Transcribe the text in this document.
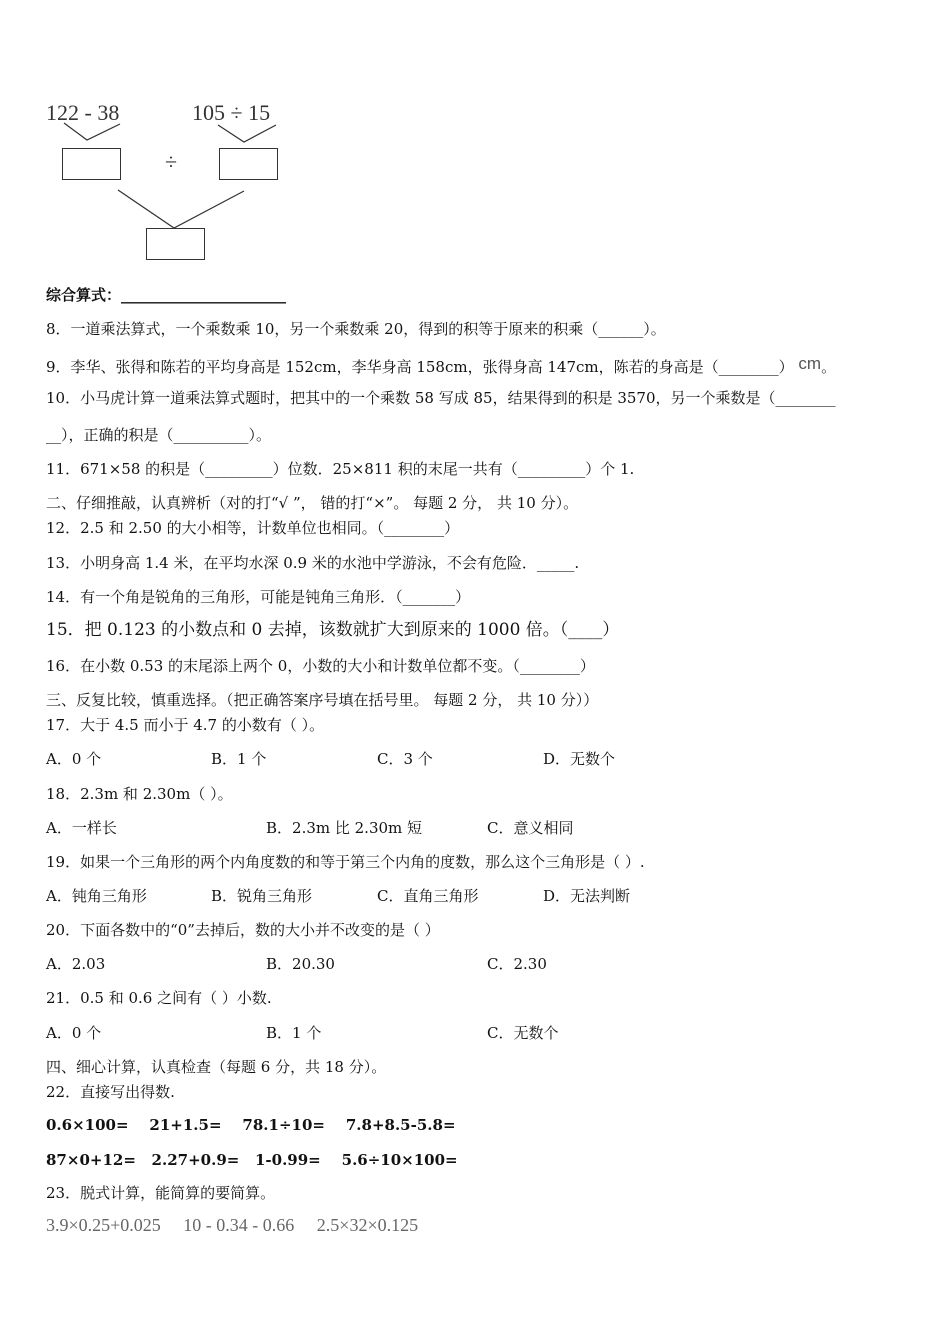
122 - 38	105 ÷ 15
÷
综合算式：______________________
8．一道乘法算式，一个乘数乘 10，另一个乘数乘 20，得到的积等于原来的积乘（______）。
9．李华、张得和陈若的平均身高是 152cm，李华身高 158cm，张得身高 147cm，陈若的身高是（________） cm。
10．小马虎计算一道乘法算式题时，把其中的一个乘数 58 写成 85，结果得到的积是 3570，另一个乘数是（________
__），正确的积是（__________）。
11．671×58 的积是（_________）位数．25×811 积的末尾一共有（_________）个 1.
二、仔细推敲，认真辨析（对的打“√ ”， 错的打“×”。 每题 2 分， 共 10 分）。
12．2.5 和 2.50 的大小相等，计数单位也相同。（________）
13．小明身高 1.4 米，在平均水深 0.9 米的水池中学游泳，不会有危险．_____.
14．有一个角是锐角的三角形，可能是钝角三角形．（_______）
15．把 0.123 的小数点和 0 去掉，该数就扩大到原来的 1000 倍。（____）
16．在小数 0.53 的末尾添上两个 0，小数的大小和计数单位都不变。（________）
三、反复比较，慎重选择。（把正确答案序号填在括号里。 每题 2 分， 共 10 分））
17．大于 4.5 而小于 4.7 的小数有（ ）。
A．0 个	B．1 个	C．3 个	D．无数个
18．2.3m 和 2.30m（ ）。
A．一样长	B．2.3m 比 2.30m 短	C．意义相同
19．如果一个三角形的两个内角度数的和等于第三个内角的度数，那么这个三角形是（ ）.
A．钝角三角形	B．锐角三角形	C．直角三角形	D．无法判断
20．下面各数中的“0”去掉后，数的大小并不改变的是（ ）
A．2.03	B．20.30	C．2.30
21．0.5 和 0.6 之间有（ ）小数.
A．0 个	B．1 个	C．无数个
四、细心计算，认真检查（每题 6 分，共 18 分）。
22．直接写出得数.
0.6×100=    21+1.5=    78.1÷10=    7.8+8.5-5.8=
87×0+12=   2.27+0.9=   1-0.99=    5.6÷10×100=
23．脱式计算，能简算的要简算。
3.9×0.25+0.025     10 - 0.34 - 0.66     2.5×32×0.125
